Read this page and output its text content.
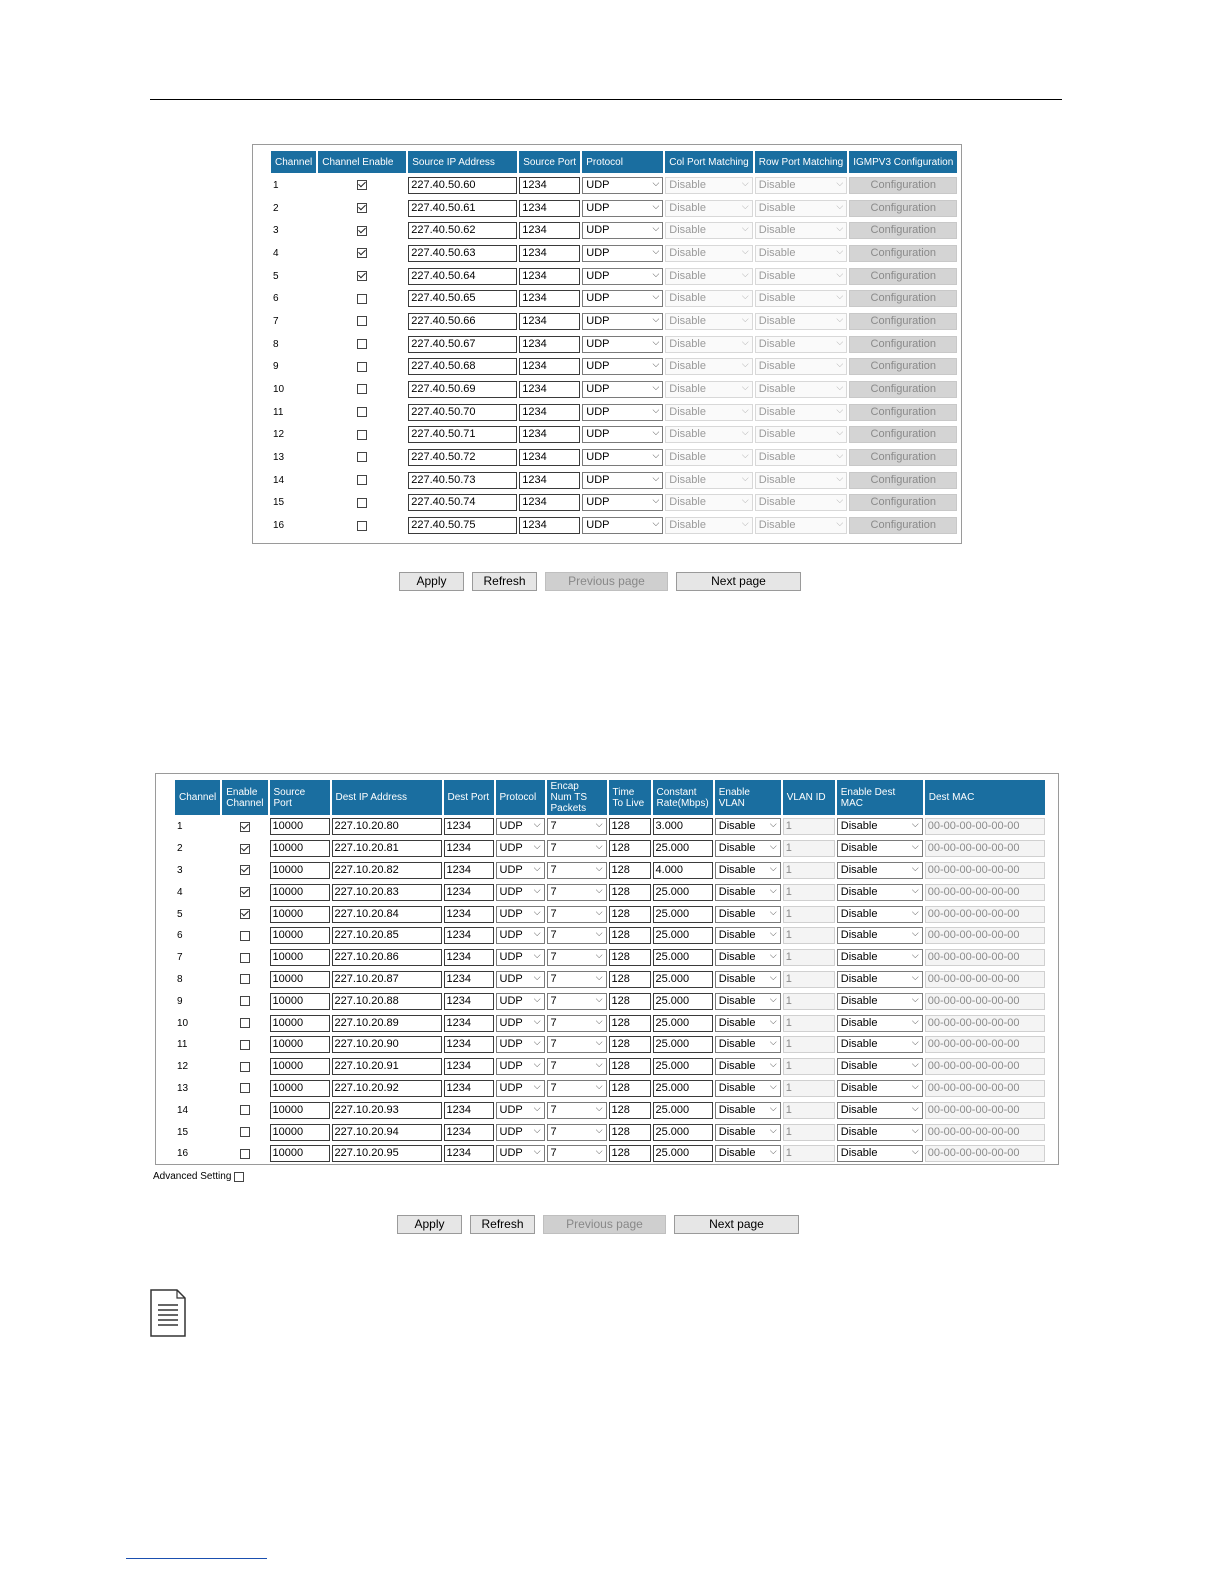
Channel	Channel Enable	Source IP Address	Source Port	Protocol	Col Port Matching	Row Port Matching	IGMPV3 Configuration
1		227.40.50.60	1234	UDP ⌵	Disable ⌵	Disable ⌵	Configuration

2		227.40.50.61	1234	UDP ⌵	Disable ⌵	Disable ⌵	Configuration

3		227.40.50.62	1234	UDP ⌵	Disable ⌵	Disable ⌵	Configuration

4		227.40.50.63	1234	UDP ⌵	Disable ⌵	Disable ⌵	Configuration

5		227.40.50.64	1234	UDP ⌵	Disable ⌵	Disable ⌵	Configuration

6		227.40.50.65	1234	UDP ⌵	Disable ⌵	Disable ⌵	Configuration

7		227.40.50.66	1234	UDP ⌵	Disable ⌵	Disable ⌵	Configuration

8		227.40.50.67	1234	UDP ⌵	Disable ⌵	Disable ⌵	Configuration

9		227.40.50.68	1234	UDP ⌵	Disable ⌵	Disable ⌵	Configuration

10		227.40.50.69	1234	UDP ⌵	Disable ⌵	Disable ⌵	Configuration

11		227.40.50.70	1234	UDP ⌵	Disable ⌵	Disable ⌵	Configuration

12		227.40.50.71	1234	UDP ⌵	Disable ⌵	Disable ⌵	Configuration

13		227.40.50.72	1234	UDP ⌵	Disable ⌵	Disable ⌵	Configuration

14		227.40.50.73	1234	UDP ⌵	Disable ⌵	Disable ⌵	Configuration

15		227.40.50.74	1234	UDP ⌵	Disable ⌵	Disable ⌵	Configuration

16		227.40.50.75	1234	UDP ⌵	Disable ⌵	Disable ⌵	Configuration
Apply	Refresh	Previous page	Next page
Channel	Enable Channel	Source Port	Dest IP Address	Dest Port	Protocol	Encap Num TS Packets	Time To Live	Constant Rate(Mbps)	Enable VLAN	VLAN ID	Enable Dest MAC	Dest MAC
1		10000	227.10.20.80	1234	UDP ⌵	7 ⌵	128	3.000	Disable ⌵	1	Disable ⌵	00-00-00-00-00-00

2		10000	227.10.20.81	1234	UDP ⌵	7 ⌵	128	25.000	Disable ⌵	1	Disable ⌵	00-00-00-00-00-00

3		10000	227.10.20.82	1234	UDP ⌵	7 ⌵	128	4.000	Disable ⌵	1	Disable ⌵	00-00-00-00-00-00

4		10000	227.10.20.83	1234	UDP ⌵	7 ⌵	128	25.000	Disable ⌵	1	Disable ⌵	00-00-00-00-00-00

5		10000	227.10.20.84	1234	UDP ⌵	7 ⌵	128	25.000	Disable ⌵	1	Disable ⌵	00-00-00-00-00-00

6		10000	227.10.20.85	1234	UDP ⌵	7 ⌵	128	25.000	Disable ⌵	1	Disable ⌵	00-00-00-00-00-00

7		10000	227.10.20.86	1234	UDP ⌵	7 ⌵	128	25.000	Disable ⌵	1	Disable ⌵	00-00-00-00-00-00

8		10000	227.10.20.87	1234	UDP ⌵	7 ⌵	128	25.000	Disable ⌵	1	Disable ⌵	00-00-00-00-00-00

9		10000	227.10.20.88	1234	UDP ⌵	7 ⌵	128	25.000	Disable ⌵	1	Disable ⌵	00-00-00-00-00-00

10		10000	227.10.20.89	1234	UDP ⌵	7 ⌵	128	25.000	Disable ⌵	1	Disable ⌵	00-00-00-00-00-00

11		10000	227.10.20.90	1234	UDP ⌵	7 ⌵	128	25.000	Disable ⌵	1	Disable ⌵	00-00-00-00-00-00

12		10000	227.10.20.91	1234	UDP ⌵	7 ⌵	128	25.000	Disable ⌵	1	Disable ⌵	00-00-00-00-00-00

13		10000	227.10.20.92	1234	UDP ⌵	7 ⌵	128	25.000	Disable ⌵	1	Disable ⌵	00-00-00-00-00-00

14		10000	227.10.20.93	1234	UDP ⌵	7 ⌵	128	25.000	Disable ⌵	1	Disable ⌵	00-00-00-00-00-00

15		10000	227.10.20.94	1234	UDP ⌵	7 ⌵	128	25.000	Disable ⌵	1	Disable ⌵	00-00-00-00-00-00

16		10000	227.10.20.95	1234	UDP ⌵	7 ⌵	128	25.000	Disable ⌵	1	Disable ⌵	00-00-00-00-00-00
Advanced Setting
Apply	Refresh	Previous page	Next page
